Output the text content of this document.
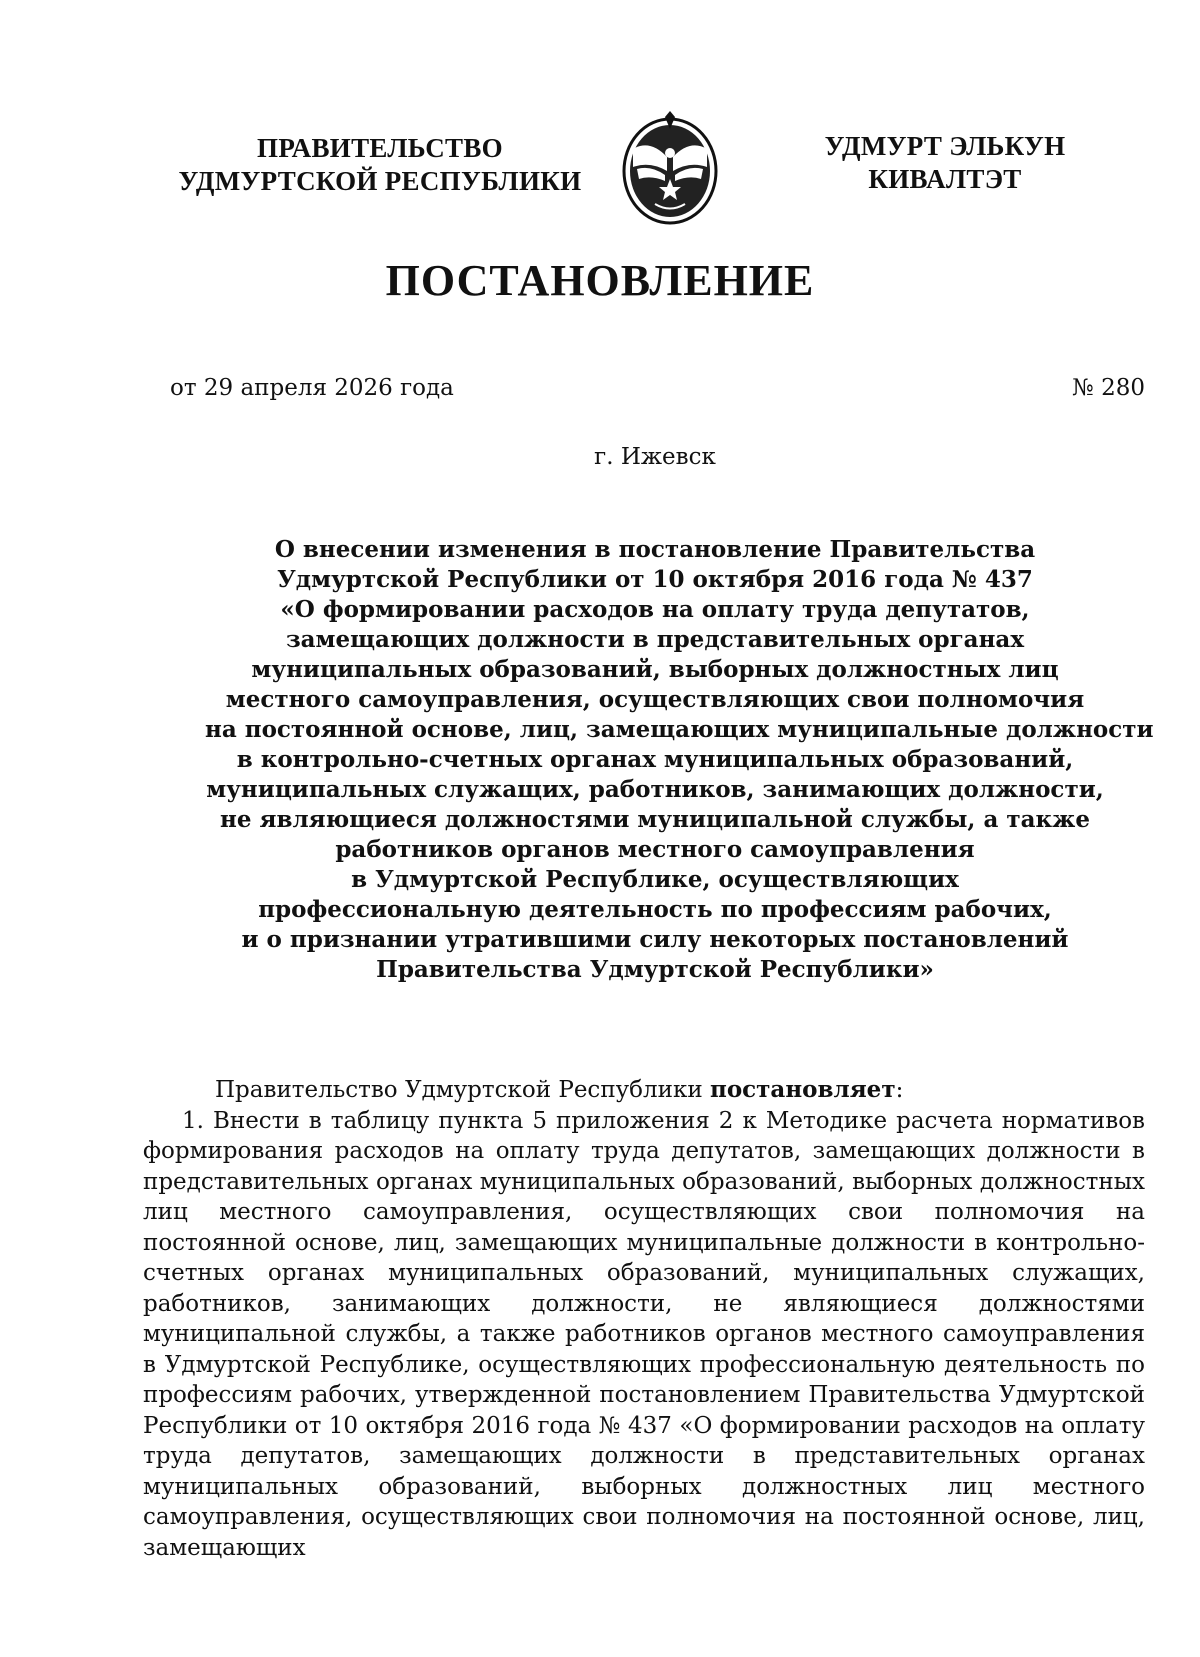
ПРАВИТЕЛЬСТВО
УДМУРТСКОЙ РЕСПУБЛИКИ
УДМУРТ ЭЛЬКУН
КИВАЛТЭТ
ПОСТАНОВЛЕНИЕ
от 29 апреля 2026 года	№ 280
г. Ижевск
О внесении изменения в постановление Правительства
Удмуртской Республики от 10 октября 2016 года № 437
«О формировании расходов на оплату труда депутатов,
замещающих должности в представительных органах
муниципальных образований, выборных должностных лиц
местного самоуправления, осуществляющих свои полномочия
на постоянной основе, лиц, замещающих муниципальные должности
в контрольно-счетных органах муниципальных образований,
муниципальных служащих, работников, занимающих должности,
не являющиеся должностями муниципальной службы, а также
работников органов местного самоуправления
в Удмуртской Республике, осуществляющих
профессиональную деятельность по профессиям рабочих,
и о признании утратившими силу некоторых постановлений
Правительства Удмуртской Республики»

Правительство Удмуртской Республики постановляет:

1. Внести в таблицу пункта 5 приложения 2 к Методике расчета нормативов формирования расходов на оплату труда депутатов, замещающих должности в представительных органах муниципальных образований, выборных должностных лиц местного самоуправления, осуществляющих свои полномочия на постоянной основе, лиц, замещающих муниципальные должности в контрольно-счетных органах муниципальных образований, муниципальных служащих, работников, занимающих должности, не являющиеся должностями муниципальной службы, а также работников органов местного самоуправления в Удмуртской Республике, осуществляющих профессиональную деятельность по профессиям рабочих, утвержденной постановлением Правительства Удмуртской Республики от 10 октября 2016 года № 437 «О формировании расходов на оплату труда депутатов, замещающих должности в представительных органах муниципальных образований, выборных должностных лиц местного самоуправления, осуществляющих свои полномочия на постоянной основе, лиц, замещающих
